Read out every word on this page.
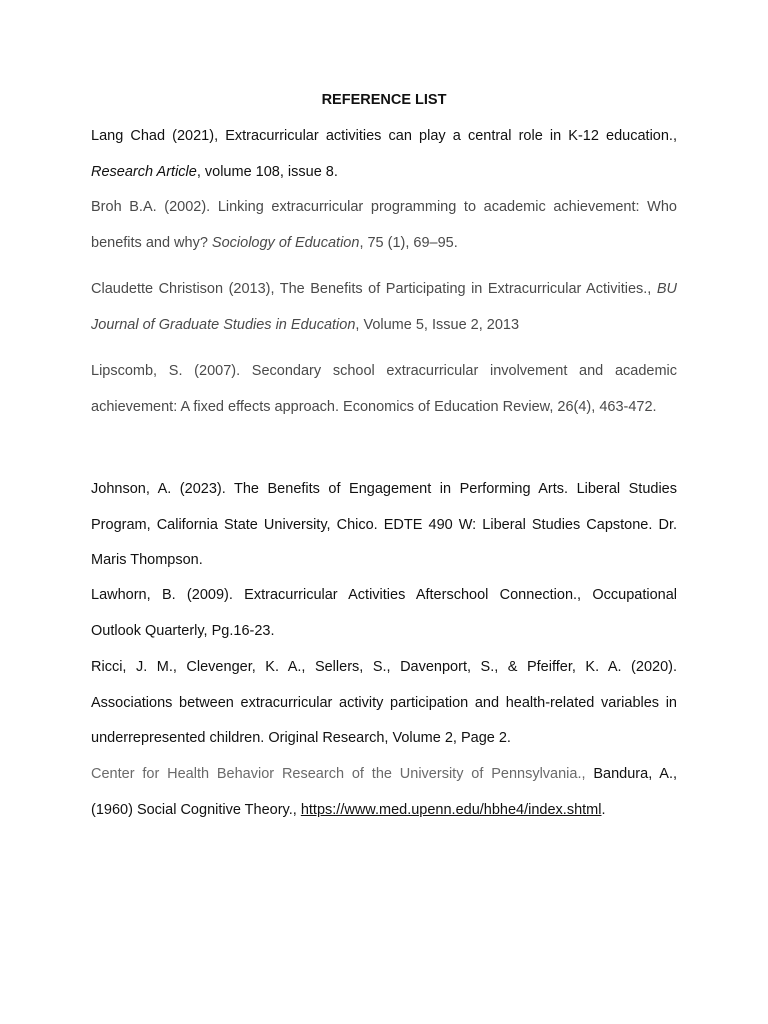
REFERENCE LIST
Lang Chad (2021), Extracurricular activities can play a central role in K-12 education., Research Article, volume 108, issue 8.
Broh B.A. (2002). Linking extracurricular programming to academic achievement: Who benefits and why? Sociology of Education, 75 (1), 69–95.
Claudette Christison (2013), The Benefits of Participating in Extracurricular Activities., BU Journal of Graduate Studies in Education, Volume 5, Issue 2, 2013
Lipscomb, S. (2007). Secondary school extracurricular involvement and academic achievement: A fixed effects approach. Economics of Education Review, 26(4), 463-472.
Johnson, A. (2023). The Benefits of Engagement in Performing Arts. Liberal Studies Program, California State University, Chico. EDTE 490 W: Liberal Studies Capstone. Dr. Maris Thompson.
Lawhorn, B. (2009). Extracurricular Activities Afterschool Connection., Occupational Outlook Quarterly, Pg.16-23.
Ricci, J. M., Clevenger, K. A., Sellers, S., Davenport, S., & Pfeiffer, K. A. (2020). Associations between extracurricular activity participation and health-related variables in underrepresented children. Original Research, Volume 2, Page 2.
Center for Health Behavior Research of the University of Pennsylvania., Bandura, A., (1960) Social Cognitive Theory., https://www.med.upenn.edu/hbhe4/index.shtml.
